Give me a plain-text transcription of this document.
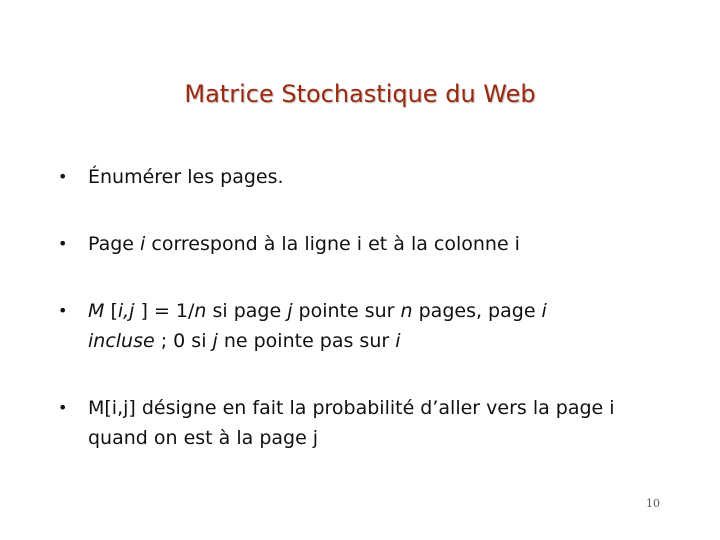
Matrice Stochastique du Web
• Énumérer les pages.
• Page i correspond à la ligne i et à la colonne i
• M [i,j ] = 1/n si page j pointe sur n pages, page i
incluse ; 0 si j ne pointe pas sur i
• M[i,j] désigne en fait la probabilité d’aller vers la page i
quand on est à la page j
10
